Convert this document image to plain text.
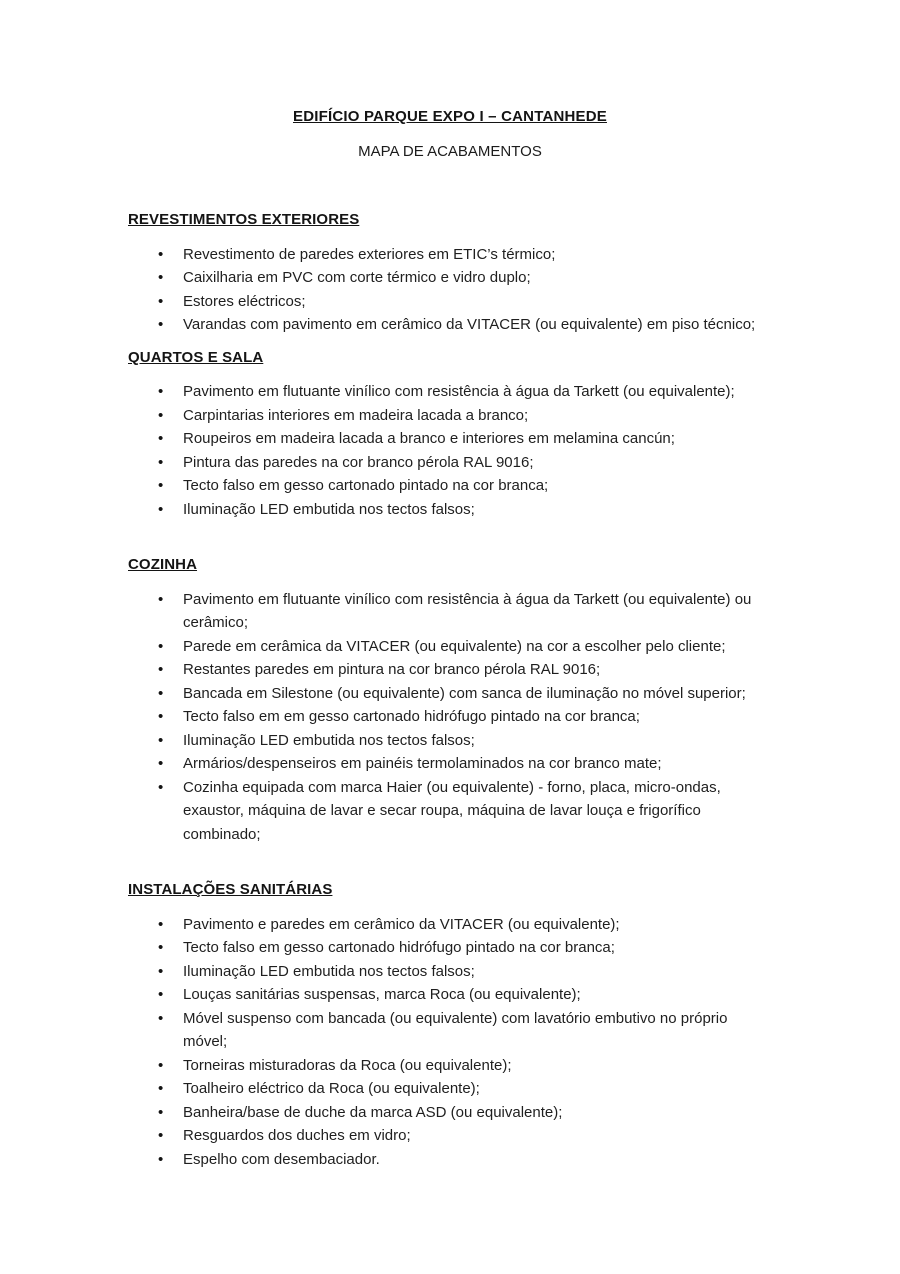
EDIFÍCIO PARQUE EXPO I – CANTANHEDE

MAPA DE ACABAMENTOS

REVESTIMENTOS EXTERIORES
• Revestimento de paredes exteriores em ETIC’s térmico;
• Caixilharia em PVC com corte térmico e vidro duplo;
• Estores eléctricos;
• Varandas com pavimento em cerâmico da VITACER (ou equivalente) em piso técnico;
QUARTOS E SALA
• Pavimento em flutuante vinílico com resistência à água da Tarkett (ou equivalente);
• Carpintarias interiores em madeira lacada a branco;
• Roupeiros em madeira lacada a branco e interiores em melamina cancún;
• Pintura das paredes na cor branco pérola RAL 9016;
• Tecto falso em gesso cartonado pintado na cor branca;
• Iluminação LED embutida nos tectos falsos;
COZINHA
• Pavimento em flutuante vinílico com resistência à água da Tarkett (ou equivalente) ou cerâmico;
• Parede em cerâmica da VITACER (ou equivalente) na cor a escolher pelo cliente;
• Restantes paredes em pintura na cor branco pérola RAL 9016;
• Bancada em Silestone (ou equivalente) com sanca de iluminação no móvel superior;
• Tecto falso em em gesso cartonado hidrófugo pintado na cor branca;
• Iluminação LED embutida nos tectos falsos;
• Armários/despenseiros em painéis termolaminados na cor branco mate;
• Cozinha equipada com marca Haier (ou equivalente) - forno, placa, micro-ondas, exaustor, máquina de lavar e secar roupa, máquina de lavar louça e frigorífico combinado;
INSTALAÇÕES SANITÁRIAS
• Pavimento e paredes em cerâmico da VITACER (ou equivalente);
• Tecto falso em gesso cartonado hidrófugo pintado na cor branca;
• Iluminação LED embutida nos tectos falsos;
• Louças sanitárias suspensas, marca Roca (ou equivalente);
• Móvel suspenso com bancada (ou equivalente) com lavatório embutivo no próprio móvel;
• Torneiras misturadoras da Roca (ou equivalente);
• Toalheiro eléctrico da Roca (ou equivalente);
• Banheira/base de duche da marca ASD (ou equivalente);
• Resguardos dos duches em vidro;
• Espelho com desembaciador.
